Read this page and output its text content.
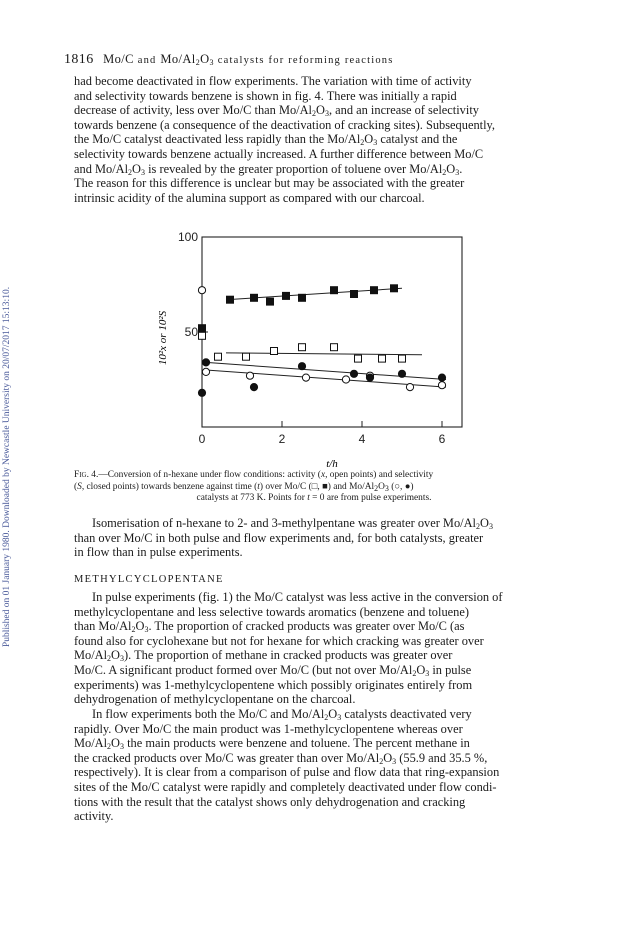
Published on 01 January 1980. Downloaded by Newcastle University on 20/07/2017 15:13:10.
1816 Mo/C and $Mo/Al_2O_3$ catalysts for reforming reactions

had become deactivated in flow experiments. The variation with time of activity

and selectivity towards benzene is shown in fig. 4. There was initially a rapid

decrease of activity, less over Mo/C than $Mo/Al_2O_3$, and an increase of selectivity

towards benzene (a consequence of the deactivation of cracking sites). Subsequently,

the Mo/C catalyst deactivated less rapidly than the $Mo/Al_2O_3$ catalyst and the

selectivity towards benzene actually increased. A further difference between Mo/C

and $Mo/Al_2O_3$ is revealed by the greater proportion of toluene over $Mo/Al_2O_3$.

The reason for this difference is unclear but may be associated with the greater

intrinsic acidity of the alumina support as compared with our charcoal.

0	2	4	6
50
100
10²x or 10²S
t/h
Fig. 4.—Conversion of n-hexane under flow conditions: activity (x, open points) and selectivity
(S, closed points) towards benzene against time (t) over Mo/C (□, ■) and $Mo/Al_2O_3$ (○, ●)
catalysts at 773 K. Points for t = 0 are from pulse experiments.

Isomerisation of n-hexane to 2- and 3-methylpentane was greater over $Mo/Al_2O_3$

than over Mo/C in both pulse and flow experiments and, for both catalysts, greater

in flow than in pulse experiments.

METHYLCYCLOPENTANE

In pulse experiments (fig. 1) the Mo/C catalyst was less active in the conversion of

methylcyclopentane and less selective towards aromatics (benzene and toluene)

than $Mo/Al_2O_3$. The proportion of cracked products was greater over Mo/C (as

found also for cyclohexane but not for hexane for which cracking was greater over

$Mo/Al_2O_3$). The proportion of methane in cracked products was greater over

Mo/C. A significant product formed over Mo/C (but not over $Mo/Al_2O_3$ in pulse

experiments) was 1-methylcyclopentene which possibly originates entirely from

dehydrogenation of methylcyclopentane on the charcoal.

In flow experiments both the Mo/C and $Mo/Al_2O_3$ catalysts deactivated very

rapidly. Over Mo/C the main product was 1-methylcyclopentene whereas over

$Mo/Al_2O_3$ the main products were benzene and toluene. The percent methane in

the cracked products over Mo/C was greater than over $Mo/Al_2O_3$ (55.9 and 35.5 %,

respectively). It is clear from a comparison of pulse and flow data that ring-expansion

sites of the Mo/C catalyst were rapidly and completely deactivated under flow condi-

tions with the result that the catalyst shows only dehydrogenation and cracking

activity.
